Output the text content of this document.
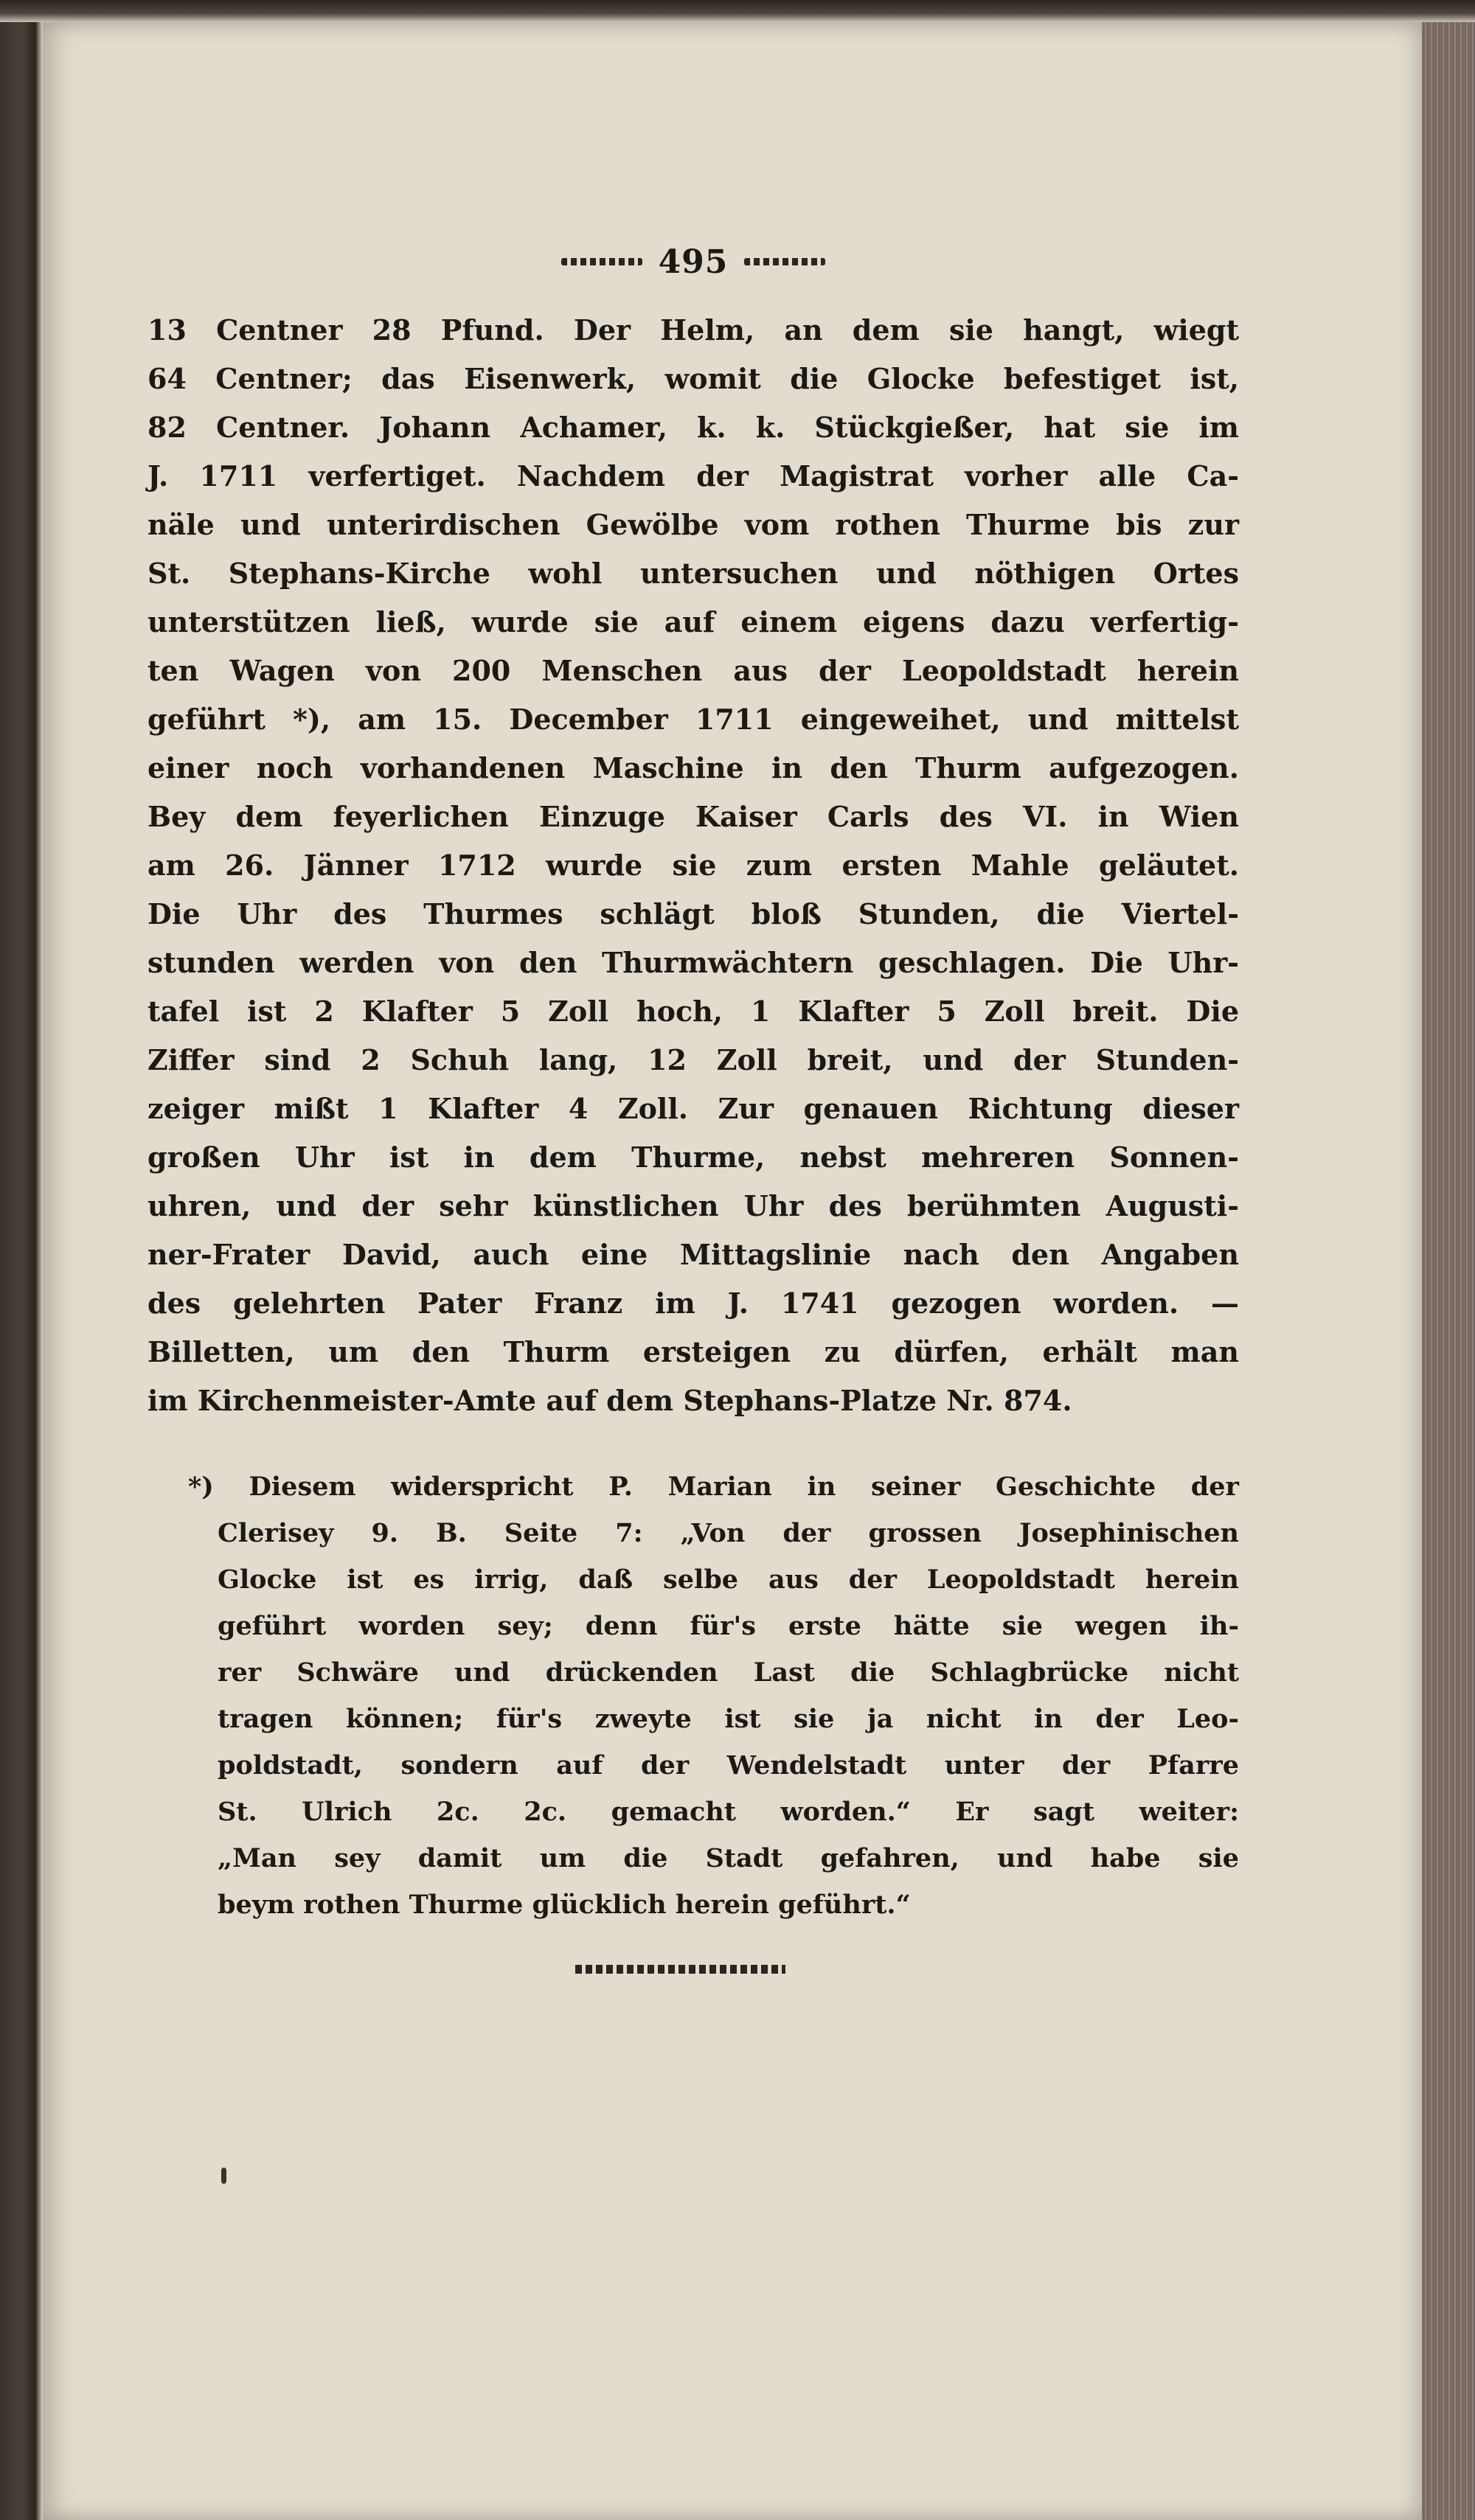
495
13 Centner 28 Pfund. Der Helm, an dem sie hangt, wiegt
64 Centner; das Eisenwerk, womit die Glocke befestiget ist,
82 Centner. Johann Achamer, k. k. Stückgießer, hat sie im
J. 1711 verfertiget. Nachdem der Magistrat vorher alle Ca-
näle und unterirdischen Gewölbe vom rothen Thurme bis zur
St. Stephans-Kirche wohl untersuchen und nöthigen Ortes
unterstützen ließ, wurde sie auf einem eigens dazu verfertig-
ten Wagen von 200 Menschen aus der Leopoldstadt herein
geführt *), am 15. December 1711 eingeweihet, und mittelst
einer noch vorhandenen Maschine in den Thurm aufgezogen.
Bey dem feyerlichen Einzuge Kaiser Carls des VI. in Wien
am 26. Jänner 1712 wurde sie zum ersten Mahle geläutet.
Die Uhr des Thurmes schlägt bloß Stunden, die Viertel-
stunden werden von den Thurmwächtern geschlagen. Die Uhr-
tafel ist 2 Klafter 5 Zoll hoch, 1 Klafter 5 Zoll breit. Die
Ziffer sind 2 Schuh lang, 12 Zoll breit, und der Stunden-
zeiger mißt 1 Klafter 4 Zoll. Zur genauen Richtung dieser
großen Uhr ist in dem Thurme, nebst mehreren Sonnen-
uhren, und der sehr künstlichen Uhr des berühmten Augusti-
ner-Frater David, auch eine Mittagslinie nach den Angaben
des gelehrten Pater Franz im J. 1741 gezogen worden. —
Billetten, um den Thurm ersteigen zu dürfen, erhält man
im Kirchenmeister-Amte auf dem Stephans-Platze Nr. 874.
*) Diesem widerspricht P. Marian in seiner Geschichte der
Clerisey 9. B. Seite 7: „Von der grossen Josephinischen
Glocke ist es irrig, daß selbe aus der Leopoldstadt herein
geführt worden sey; denn für's erste hätte sie wegen ih-
rer Schwäre und drückenden Last die Schlagbrücke nicht
tragen können; für's zweyte ist sie ja nicht in der Leo-
poldstadt, sondern auf der Wendelstadt unter der Pfarre
St. Ulrich 2c. 2c. gemacht worden.“ Er sagt weiter:
„Man sey damit um die Stadt gefahren, und habe sie
beym rothen Thurme glücklich herein geführt.“
